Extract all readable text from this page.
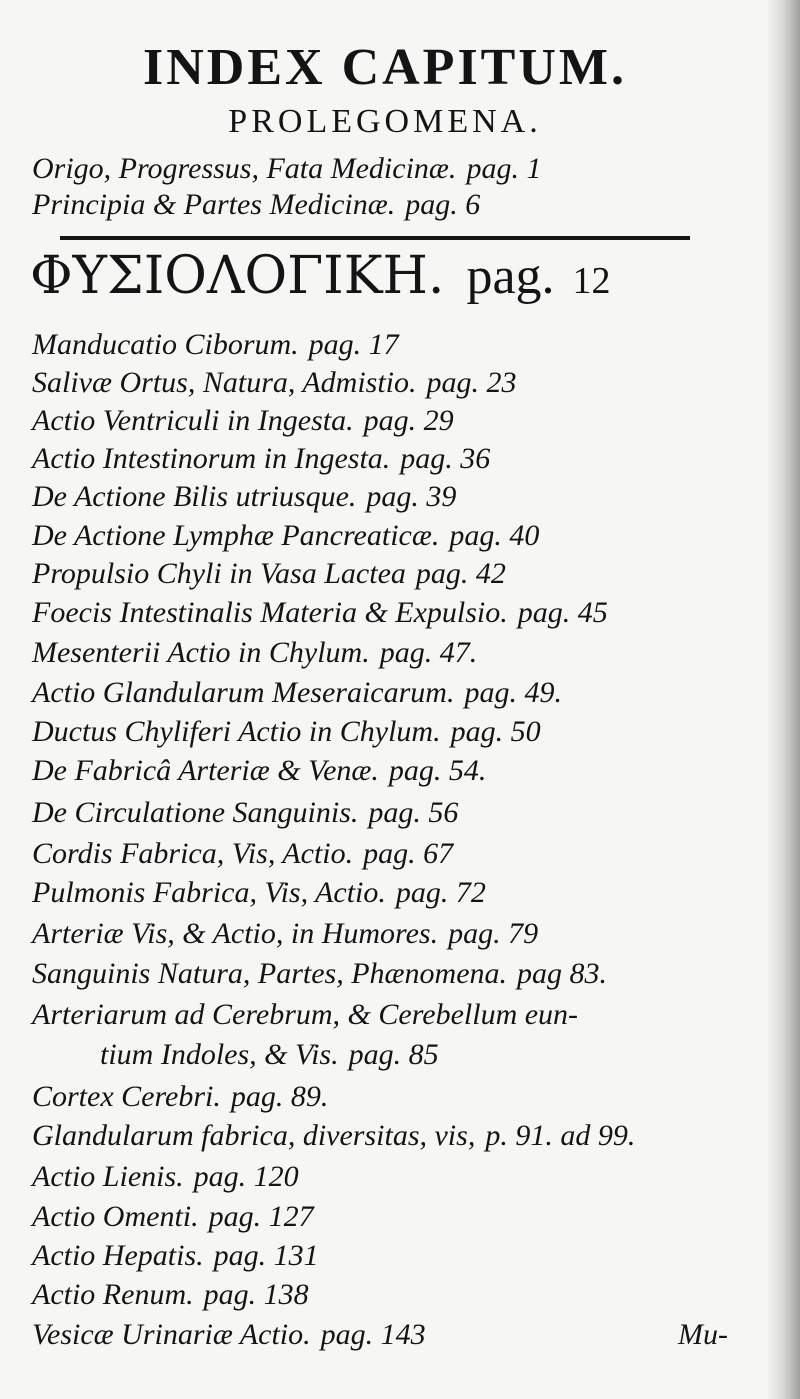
INDEX CAPITUM.
PROLEGOMENA.
Origo, Progressus, Fata Medicinæ. pag. 1
Principia & Partes Medicinæ. pag. 6
ΦΥΣΙΟΛΟΓΙΚΗ. pag. 12
Manducatio Ciborum. pag. 17
Salivæ Ortus, Natura, Admistio. pag. 23
Actio Ventriculi in Ingesta. pag. 29
Actio Intestinorum in Ingesta. pag. 36
De Actione Bilis utriusque. pag. 39
De Actione Lymphæ Pancreaticæ. pag. 40
Propulsio Chyli in Vasa Lactea pag. 42
Foecis Intestinalis Materia & Expulsio. pag. 45
Mesenterii Actio in Chylum. pag. 47.
Actio Glandularum Meseraicarum. pag. 49.
Ductus Chyliferi Actio in Chylum. pag. 50
De Fabricâ Arteriæ & Venæ. pag. 54.
De Circulatione Sanguinis. pag. 56
Cordis Fabrica, Vis, Actio. pag. 67
Pulmonis Fabrica, Vis, Actio. pag. 72
Arteriæ Vis, & Actio, in Humores. pag. 79
Sanguinis Natura, Partes, Phænomena. pag 83.
Arteriarum ad Cerebrum, & Cerebellum eun-
tium Indoles, & Vis. pag. 85
Cortex Cerebri. pag. 89.
Glandularum fabrica, diversitas, vis, p. 91. ad 99.
Actio Lienis. pag. 120
Actio Omenti. pag. 127
Actio Hepatis. pag. 131
Actio Renum. pag. 138
Vesicæ Urinariæ Actio. pag. 143	Mu-
